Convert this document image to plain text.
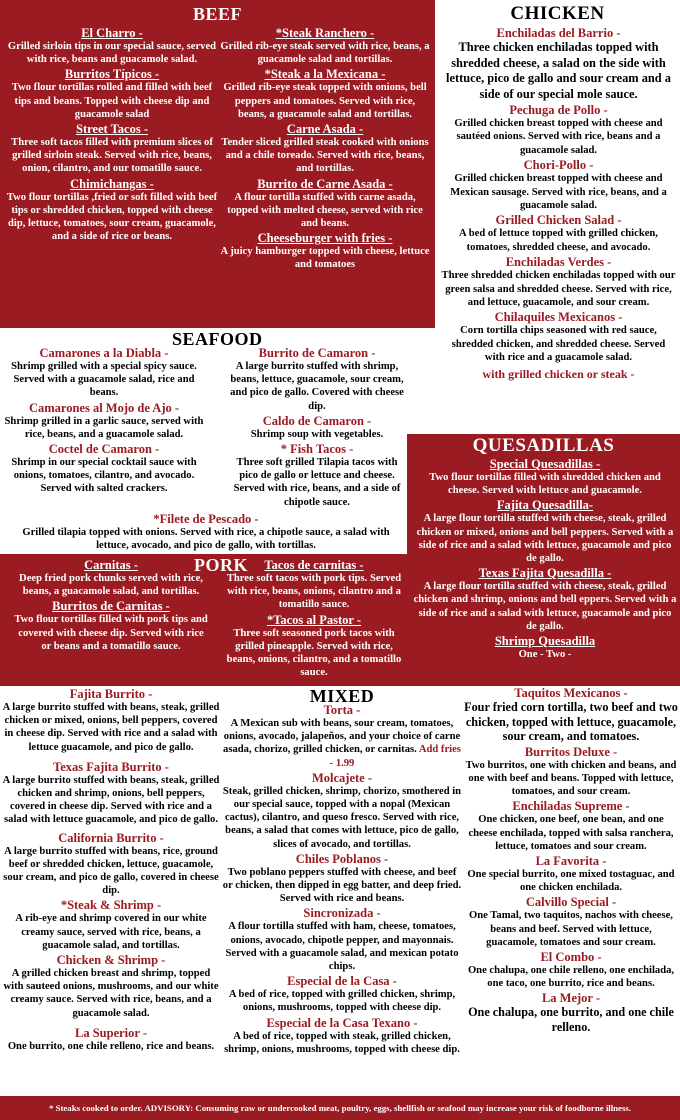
BEEF
El Charro -
Grilled sirloin tips in our special sauce, served with rice, beans and guacamole salad.
Burritos Típicos -
Two flour tortillas rolled and filled with beef tips and beans. Topped with cheese dip and guacamole salad
Street Tacos -
Three soft tacos filled with premium slices of grilled sirloin steak. Served with rice, beans, onion, cilantro, and our tomatillo sauce.
Chimichangas -
Two flour tortillas ,fried or soft filled with beef tips or shredded chicken, topped with cheese dip, lettuce, tomatoes, sour cream, guacamole, and a side of rice or beans.
*Steak Ranchero -
Grilled rib-eye steak served with rice, beans, a guacamole salad and tortillas.
*Steak a la Mexicana -
Grilled rib-eye steak topped with onions, bell peppers and tomatoes. Served with rice, beans, a guacamole salad and tortillas.
Carne Asada -
Tender sliced grilled steak cooked with onions and a chile toreado. Served with rice, beans, and tortillas.
Burrito de Carne Asada -
A flour tortilla stuffed with carne asada, topped with melted cheese, served with rice and beans.
Cheeseburger with fries -
A juicy hamburger topped with cheese, lettuce and tomatoes
CHICKEN
Enchiladas del Barrio -
Three chicken enchiladas topped with shredded cheese, a salad on the side with lettuce, pico de gallo and sour cream and a side of our special mole sauce.
Pechuga de Pollo -
Grilled chicken breast topped with cheese and sautéed onions. Served with rice, beans and a guacamole salad.
Chori-Pollo -
Grilled chicken breast topped with cheese and Mexican sausage. Served with rice, beans, and a guacamole salad.
Grilled Chicken Salad -
A bed of lettuce topped with grilled chicken, tomatoes, shredded cheese, and avocado.
Enchiladas Verdes -
Three shredded chicken enchiladas topped with our green salsa and shredded cheese. Served with rice, and lettuce, guacamole, and sour cream.
Chilaquiles Mexicanos -
Corn tortilla chips seasoned with red sauce, shredded chicken, and shredded cheese. Served with rice and a guacamole salad.
with grilled chicken or steak -
SEAFOOD
Camarones a la Diabla -
Shrimp grilled with a special spicy sauce. Served with a guacamole salad, rice and beans.
Camarones al Mojo de Ajo -
Shrimp grilled in a garlic sauce, served with rice, beans, and a guacamole salad.
Coctel de Camaron -
Shrimp in our special cocktail sauce with onions, tomatoes, cilantro, and avocado. Served with salted crackers.
Burrito de Camaron -
A large burrito stuffed with shrimp, beans, lettuce, guacamole, sour cream, and pico de gallo. Covered with cheese dip.
Caldo de Camaron -
Shrimp soup with vegetables.
* Fish Tacos -
Three soft grilled Tilapia tacos with pico de gallo or lettuce and cheese. Served with rice, beans, and a side of chipotle sauce.
*Filete de Pescado -
Grilled tilapia topped with onions. Served with rice, a chipotle sauce, a salad with lettuce, avocado, and pico de gallo, with tortillas.
QUESADILLAS
Special Quesadillas -
Two flour tortillas filled with shredded chicken and cheese. Served with lettuce and guacamole.
Fajita Quesadilla-
A large flour tortilla stuffed with cheese, steak, grilled chicken or mixed, onions and bell peppers. Served with a side of rice and a salad with lettuce, guacamole and pico de gallo.
Texas Fajita Quesadilla -
A large flour tortilla stuffed with cheese, steak, grilled chicken and shrimp, onions and bell eppers. Served with a side of rice and a salad with lettuce, guacamole and pico de gallo.
Shrimp Quesadilla
One - Two -
PORK
Carnitas -
Deep fried pork chunks served with rice, beans, a guacamole salad, and tortillas.
Burritos de Carnitas -
Two flour tortillas filled with pork tips and covered with cheese dip. Served with rice or beans and a tomatillo sauce.
Tacos de carnitas -
Three soft tacos with pork tips. Served with rice, beans, onions, cilantro and a tomatillo sauce.
*Tacos al Pastor -
Three soft seasoned pork tacos with grilled pineapple. Served with rice, beans, onions, cilantro, and a tomatillo sauce.
Fajita Burrito -
A large burrito stuffed with beans, steak, grilled chicken or mixed, onions, bell peppers, covered in cheese dip. Served with rice and a salad with lettuce guacamole, and pico de gallo.
Texas Fajita Burrito -
A large burrito stuffed with beans, steak, grilled chicken and shrimp, onions, bell peppers, covered in cheese dip. Served with rice and a salad with lettuce guacamole, and pico de gallo.
California Burrito -
A large burrito stuffed with beans, rice, ground beef or shredded chicken, lettuce, guacamole, sour cream, and pico de gallo, covered in cheese dip.
*Steak & Shrimp -
A rib-eye and shrimp covered in our white creamy sauce, served with rice, beans, a guacamole salad, and tortillas.
Chicken & Shrimp -
A grilled chicken breast and shrimp, topped with sauteed onions, mushrooms, and our white creamy sauce. Served with rice, beans, and a guacamole salad.
La Superior -
One burrito, one chile relleno, rice and beans.
MIXED
Torta -
A Mexican sub with beans, sour cream, tomatoes, onions, avocado, jalapeños, and your choice of carne asada, chorizo, grilled chicken, or carnitas. Add fries - 1.99
Molcajete -
Steak, grilled chicken, shrimp, chorizo, smothered in our special sauce, topped with a nopal (Mexican cactus), cilantro, and queso fresco. Served with rice, beans, a salad that comes with lettuce, pico de gallo, slices of avocado, and tortillas.
Chiles Poblanos -
Two poblano peppers stuffed with cheese, and beef or chicken, then dipped in egg batter, and deep fried. Served with rice and beans.
Sincronizada -
A flour tortilla stuffed with ham, cheese, tomatoes, onions, avocado, chipotle pepper, and mayonnais. Served with a guacamole salad, and mexican potato chips.
Especial de la Casa -
A bed of rice, topped with grilled chicken, shrimp, onions, mushrooms, topped with cheese dip.
Especial de la Casa Texano -
A bed of rice, topped with steak, grilled chicken, shrimp, onions, mushrooms, topped with cheese dip.
Taquitos Mexicanos -
Four fried corn tortilla, two beef and two chicken, topped with lettuce, guacamole, sour cream, and tomatoes.
Burritos Deluxe -
Two burritos, one with chicken and beans, and one with beef and beans. Topped with lettuce, tomatoes, and sour cream.
Enchiladas Supreme -
One chicken, one beef, one bean, and one cheese enchilada, topped with salsa ranchera, lettuce, tomatoes and sour cream.
La Favorita -
One special burrito, one mixed tostaguac, and one chicken enchilada.
Calvillo Special -
One Tamal, two taquitos, nachos with cheese, beans and beef. Served with lettuce, guacamole, tomatoes and sour cream.
El Combo -
One chalupa, one chile relleno, one enchilada, one taco, one burrito, rice and beans.
La Mejor -
One chalupa, one burrito, and one chile relleno.
* Steaks cooked to order. ADVISORY: Consuming raw or undercooked meat, poultry, eggs, shellfish or seafood may increase your risk of foodborne illness.
